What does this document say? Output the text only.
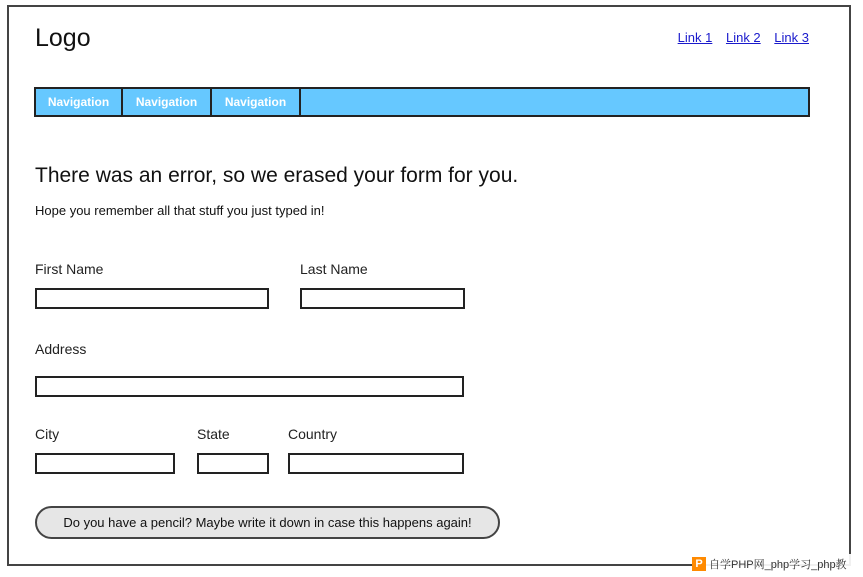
Logo	Link 1 Link 2 Link 3
Navigation	Navigation	Navigation
There was an error, so we erased your form for you.
Hope you remember all that stuff you just typed in!
First Name	Last Name
Address
City	State	Country
Do you have a pencil? Maybe write it down in case this happens again!
P 自学PHP网_php学习_php教
